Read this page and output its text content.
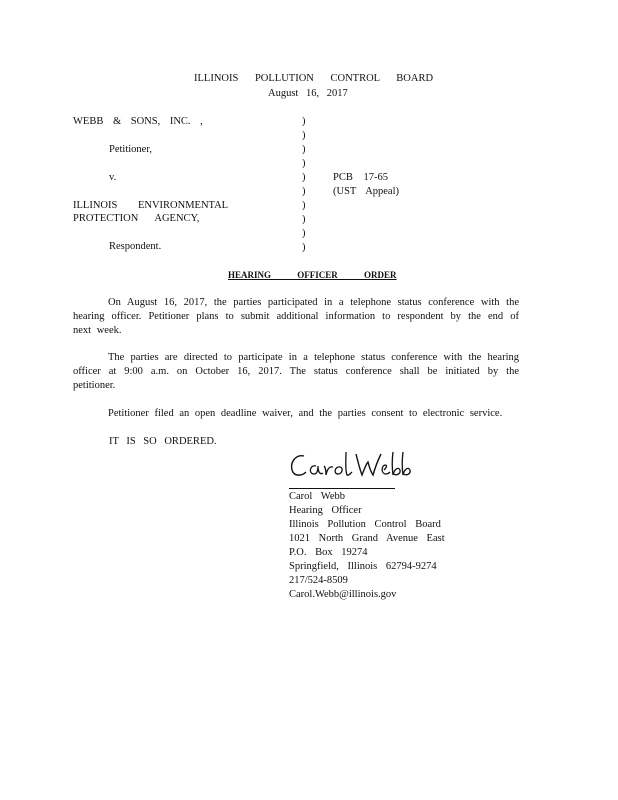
ILLINOIS POLLUTION CONTROL BOARD
August 16, 2017
WEBB & SONS, INC. ,
Petitioner,
v.
ILLINOIS ENVIRONMENTAL
PROTECTION AGENCY,
Respondent.
)
)
)
)
)
)
)
)
)
)
PCB 17-65
(UST Appeal)
HEARING OFFICER ORDER
On August 16, 2017, the parties participated in a telephone status conference with the hearing officer. Petitioner plans to submit additional information to respondent by the end of next week.
The parties are directed to participate in a telephone status conference with the hearing officer at 9:00 a.m. on October 16, 2017. The status conference shall be initiated by the petitioner.
Petitioner filed an open deadline waiver, and the parties consent to electronic service.
IT IS SO ORDERED.
Carol Webb
Hearing Officer
Illinois Pollution Control Board
1021 North Grand Avenue East
P.O. Box 19274
Springfield, Illinois 62794-9274
217/524-8509
Carol.Webb@illinois.gov
